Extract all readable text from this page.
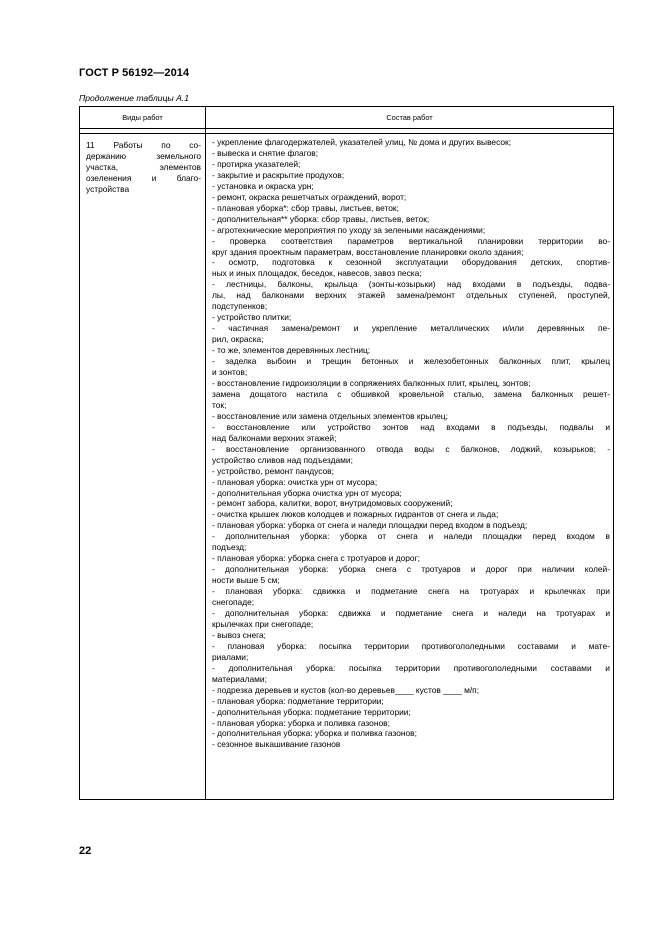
ГОСТ Р 56192—2014
Продолжение таблицы А.1
Виды работ	Состав работ
11 Работы по со-
держанию земельного
участка, элементов
озеленения и благо-
устройства
- укрепление флагодержателей, указателей улиц, № дома и других вывесок;
- вывеска и снятие флагов;
- протирка указателей;
- закрытие и раскрытие продухов;
- установка и окраска урн;
- ремонт, окраска решетчатых ограждений, ворот;
- плановая уборка*: сбор травы, листьев, веток;
- дополнительная** уборка: сбор травы, листьев, веток;
- агротехнические мероприятия по уходу за зелеными насаждениями;
- проверка соответствия параметров вертикальной планировки территории во-
круг здания проектным параметрам, восстановление планировки около здания;
- осмотр, подготовка к сезонной эксплуатации оборудования детских, спортив-
ных и иных площадок, беседок, навесов, завоз песка;
- лестницы, балконы, крыльца (зонты-козырьки) над входами в подъезды, подва-
лы, над балконами верхних этажей замена/ремонт отдельных ступеней, проступей,
подступенков;
- устройство плитки;
- частичная замена/ремонт и укрепление металлических и/или деревянных пе-
рил, окраска;
- то же, элементов деревянных лестниц;
- заделка выбоин и трещин бетонных и железобетонных балконных плит, крылец
и зонтов;
- восстановление гидроизоляции в сопряжениях балконных плит, крылец, зонтов;
замена дощатого настила с обшивкой кровельной сталью, замена балконных решет-
ток;
- восстановление или замена отдельных элементов крылец;
- восстановление или устройство зонтов над входами в подъезды, подвалы и
над балконами верхних этажей;
- восстановление организованного отвода воды с балконов, лоджий, козырьков; -
устройство сливов над подъездами;
- устройство, ремонт пандусов;
- плановая уборка: очистка урн от мусора;
- дополнительная уборка очистка урн от мусора;
- ремонт забора, калитки, ворот, внутридомовых сооружений;
- очистка крышек люков колодцев и пожарных гидрантов от снега и льда;
- плановая уборка: уборка от снега и наледи площадки перед входом в подъезд;
- дополнительная уборка: уборка от снега и наледи площадки перед входом в
подъезд;
- плановая уборка: уборка снега с тротуаров и дорог;
- дополнительная уборка: уборка снега с тротуаров и дорог при наличии колей-
ности выше 5 см;
- плановая уборка: сдвижка и подметание снега на тротуарах и крылечках при
снегопаде;
- дополнительная уборка: сдвижка и подметание снега и наледи на тротуарах и
крылечках при снегопаде;
- вывоз снега;
- плановая уборка: посыпка территории противогололедными составами и мате-
риалами;
- дополнительная уборка: посыпка территории противогололедными составами и
материалами;
- подрезка деревьев и кустов (кол-во деревьев____ кустов ____ м/п;
- плановая уборка: подметание территории;
- дополнительная уборка: подметание территории;
- плановая уборка: уборка и поливка газонов;
- дополнительная уборка: уборка и поливка газонов;
- сезонное выкашивание газонов
22
